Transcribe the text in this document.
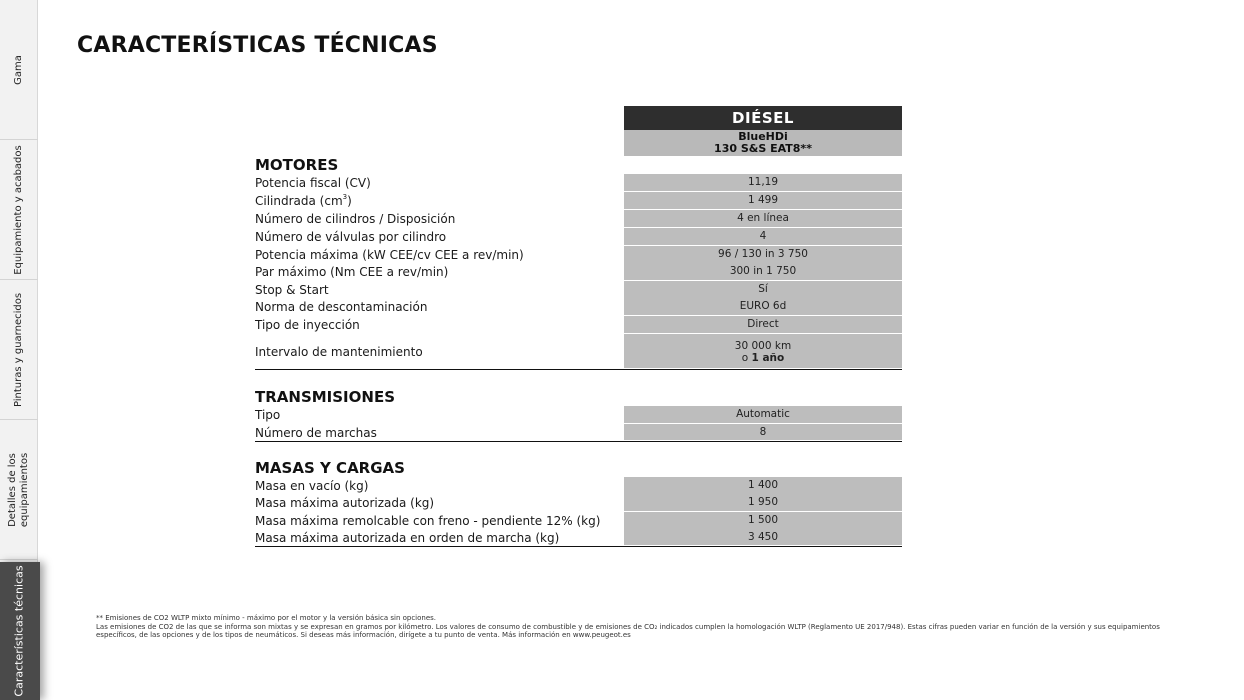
Gama
Equipamiento y acabados
Pinturas y guarnecidos
Detalles de los equipamientos
Características técnicas
CARACTERÍSTICAS TÉCNICAS
DIÉSEL
BlueHDi
130 S&S EAT8**
MOTORES
Potencia fiscal (CV)	11,19
Cilindrada $(cm^3)$	1 499
Número de cilindros / Disposición	4 en línea
Número de válvulas por cilindro	4
Potencia máxima (kW CEE/cv CEE a rev/min)	96 / 130 in 3 750
Par máximo (Nm CEE a rev/min)	300 in 1 750
Stop & Start	Sí
Norma de descontaminación	EURO 6d
Tipo de inyección	Direct
Intervalo de mantenimiento	30 000 km
o 1 año
TRANSMISIONES
Tipo	Automatic
Número de marchas	8
MASAS Y CARGAS
Masa en vacío (kg)	1 400
Masa máxima autorizada (kg)	1 950
Masa máxima remolcable con freno - pendiente 12% (kg)	1 500
Masa máxima autorizada en orden de marcha (kg)	3 450
** Emisiones de CO2 WLTP mixto mínimo - máximo por el motor y la versión básica sin opciones.
Las emisiones de CO2 de las que se informa son mixtas y se expresan en gramos por kilómetro. Los valores de consumo de combustible y de emisiones de CO₂ indicados cumplen la homologación WLTP (Reglamento UE 2017/948). Estas cifras pueden variar en función de la versión y sus equipamientos específicos, de las opciones y de los tipos de neumáticos. Si deseas más información, dirígete a tu punto de venta. Más información en www.peugeot.es
